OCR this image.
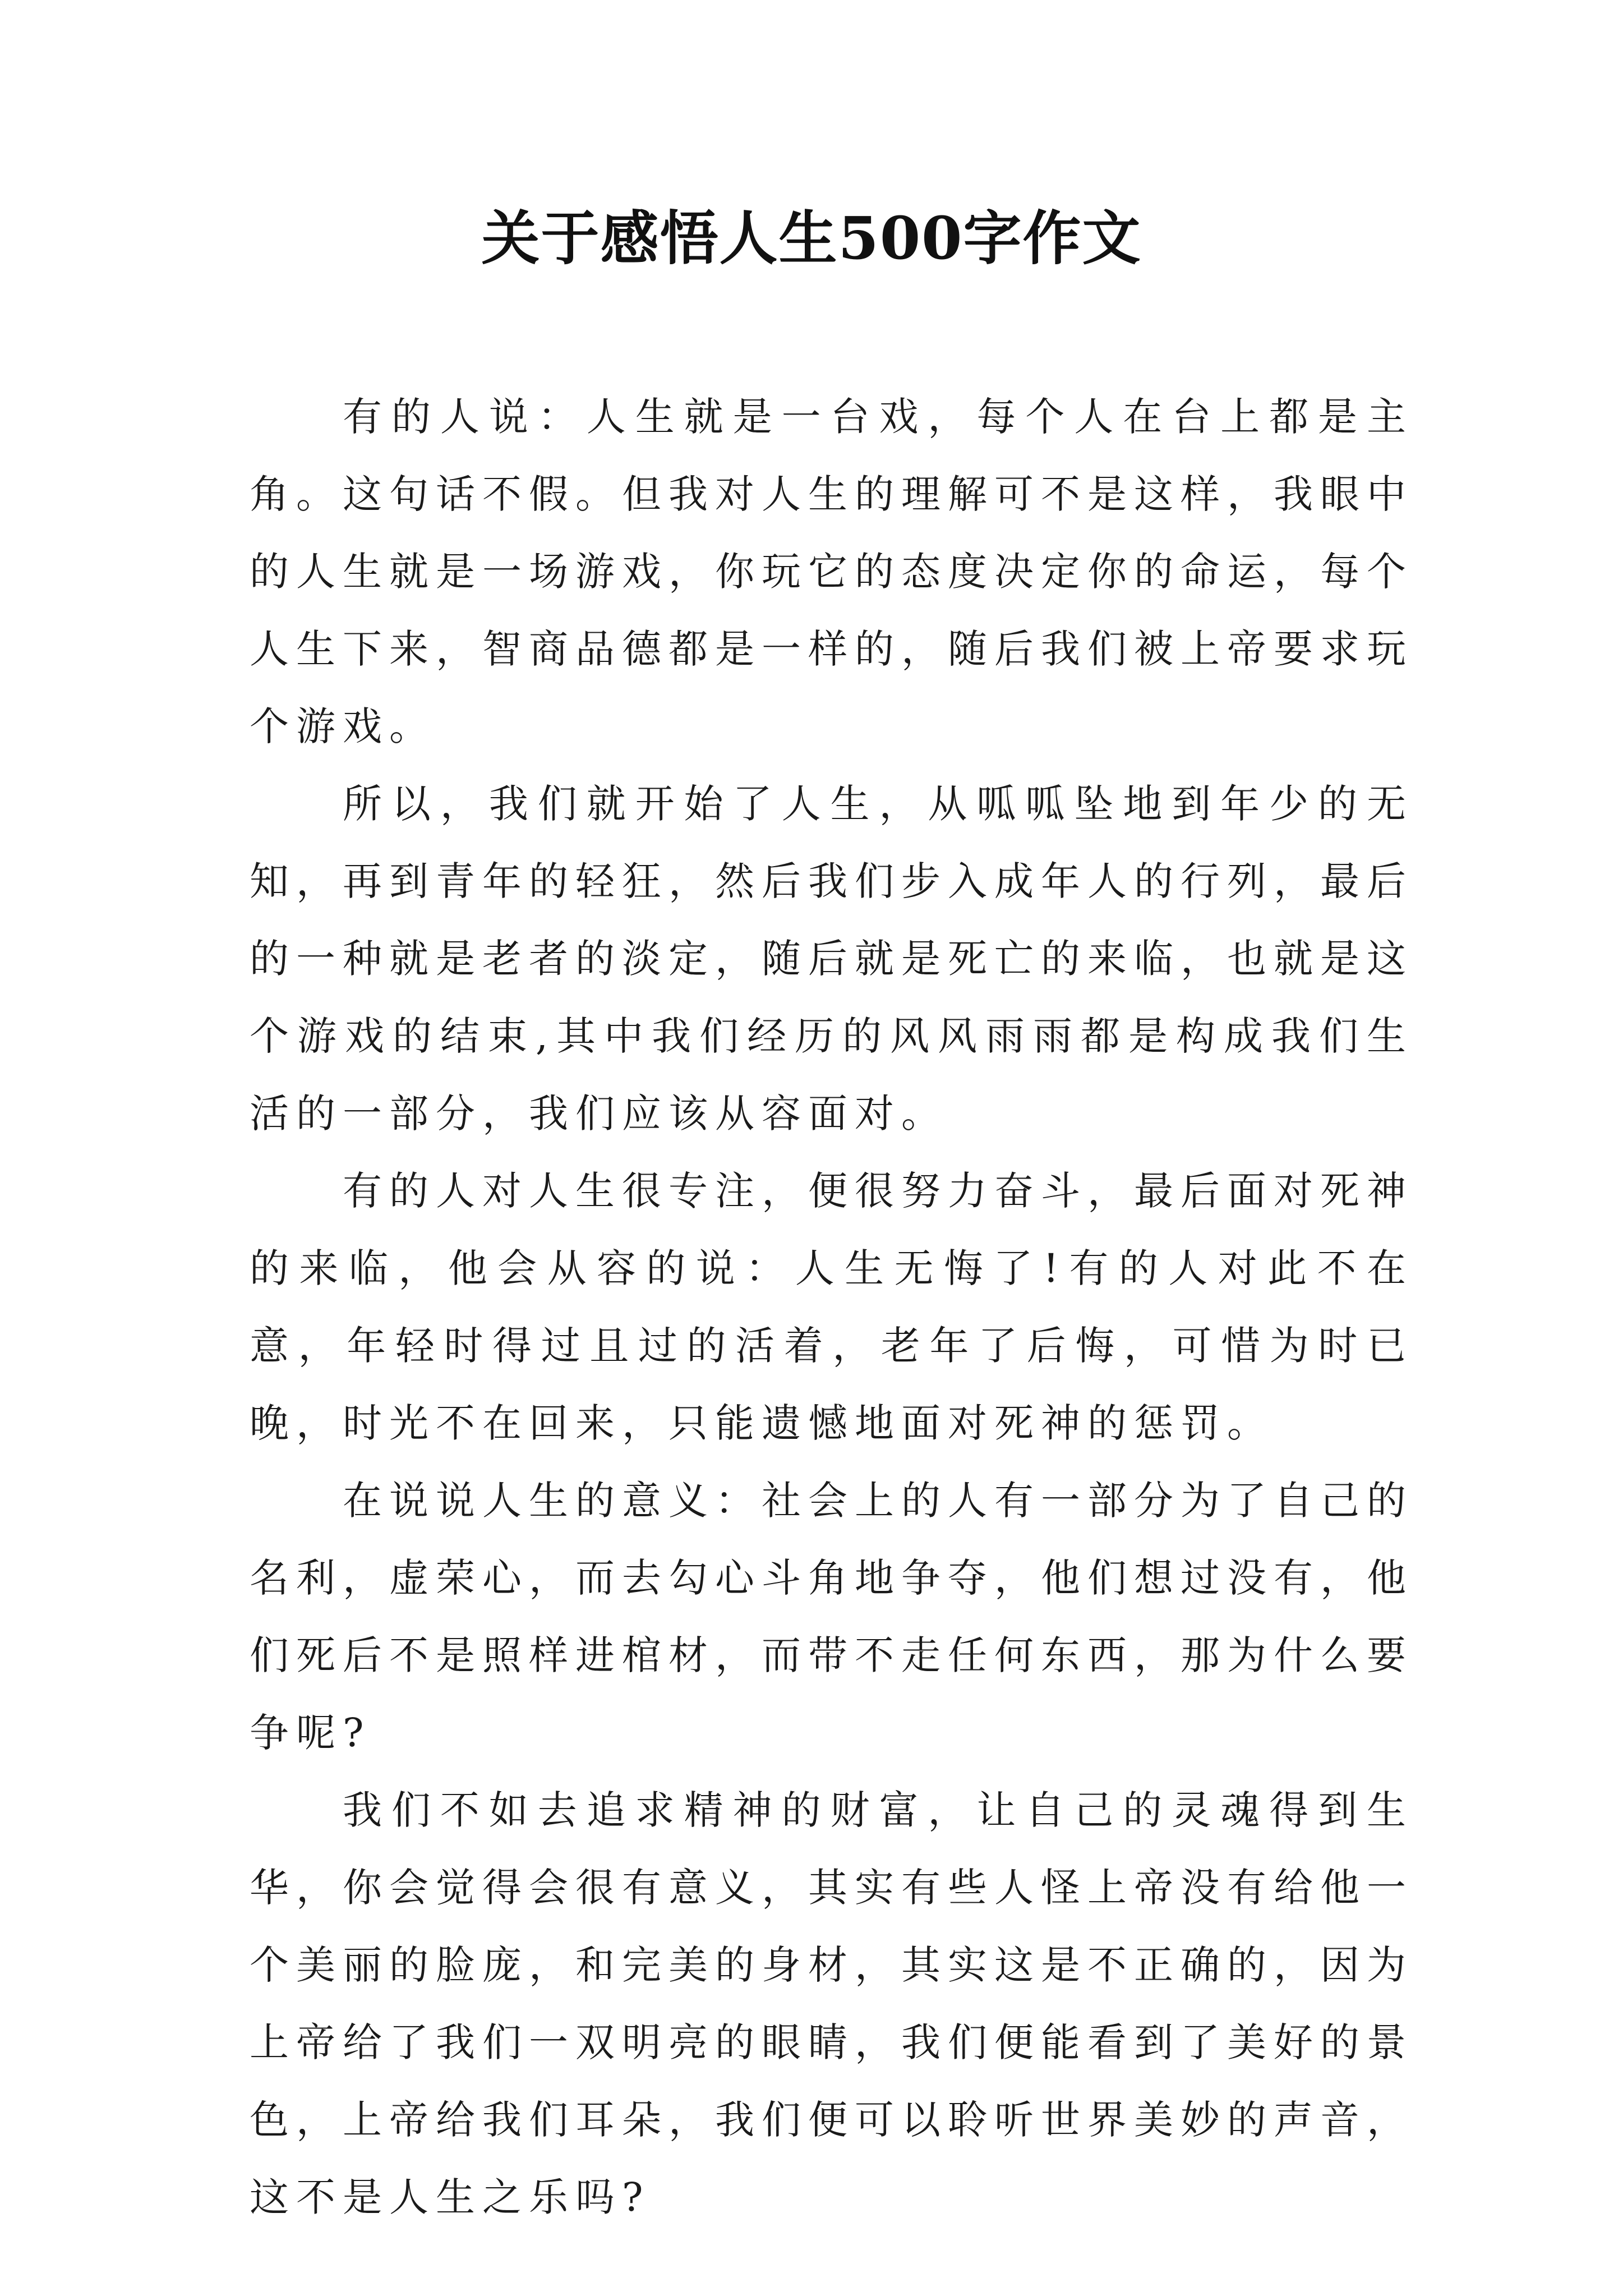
关于感悟人生500字作文

有的人说：人生就是一台戏，每个人在台上都是主角。这句话不假。但我对人生的理解可不是这样，我眼中的人生就是一场游戏，你玩它的态度决定你的命运，每个人生下来，智商品德都是一样的，随后我们被上帝要求玩个游戏。

所以，我们就开始了人生，从呱呱坠地到年少的无知，再到青年的轻狂，然后我们步入成年人的行列，最后的一种就是老者的淡定，随后就是死亡的来临，也就是这个游戏的结束,其中我们经历的风风雨雨都是构成我们生活的一部分，我们应该从容面对。

有的人对人生很专注，便很努力奋斗，最后面对死神的来临，他会从容的说：人生无悔了!有的人对此不在意，年轻时得过且过的活着，老年了后悔，可惜为时已晚，时光不在回来，只能遗憾地面对死神的惩罚。

在说说人生的意义：社会上的人有一部分为了自己的名利，虚荣心，而去勾心斗角地争夺，他们想过没有，他们死后不是照样进棺材，而带不走任何东西，那为什么要争呢?

我们不如去追求精神的财富，让自己的灵魂得到生华，你会觉得会很有意义，其实有些人怪上帝没有给他一个美丽的脸庞，和完美的身材，其实这是不正确的，因为上帝给了我们一双明亮的眼睛，我们便能看到了美好的景色，上帝给我们耳朵，我们便可以聆听世界美妙的声音，这不是人生之乐吗?
